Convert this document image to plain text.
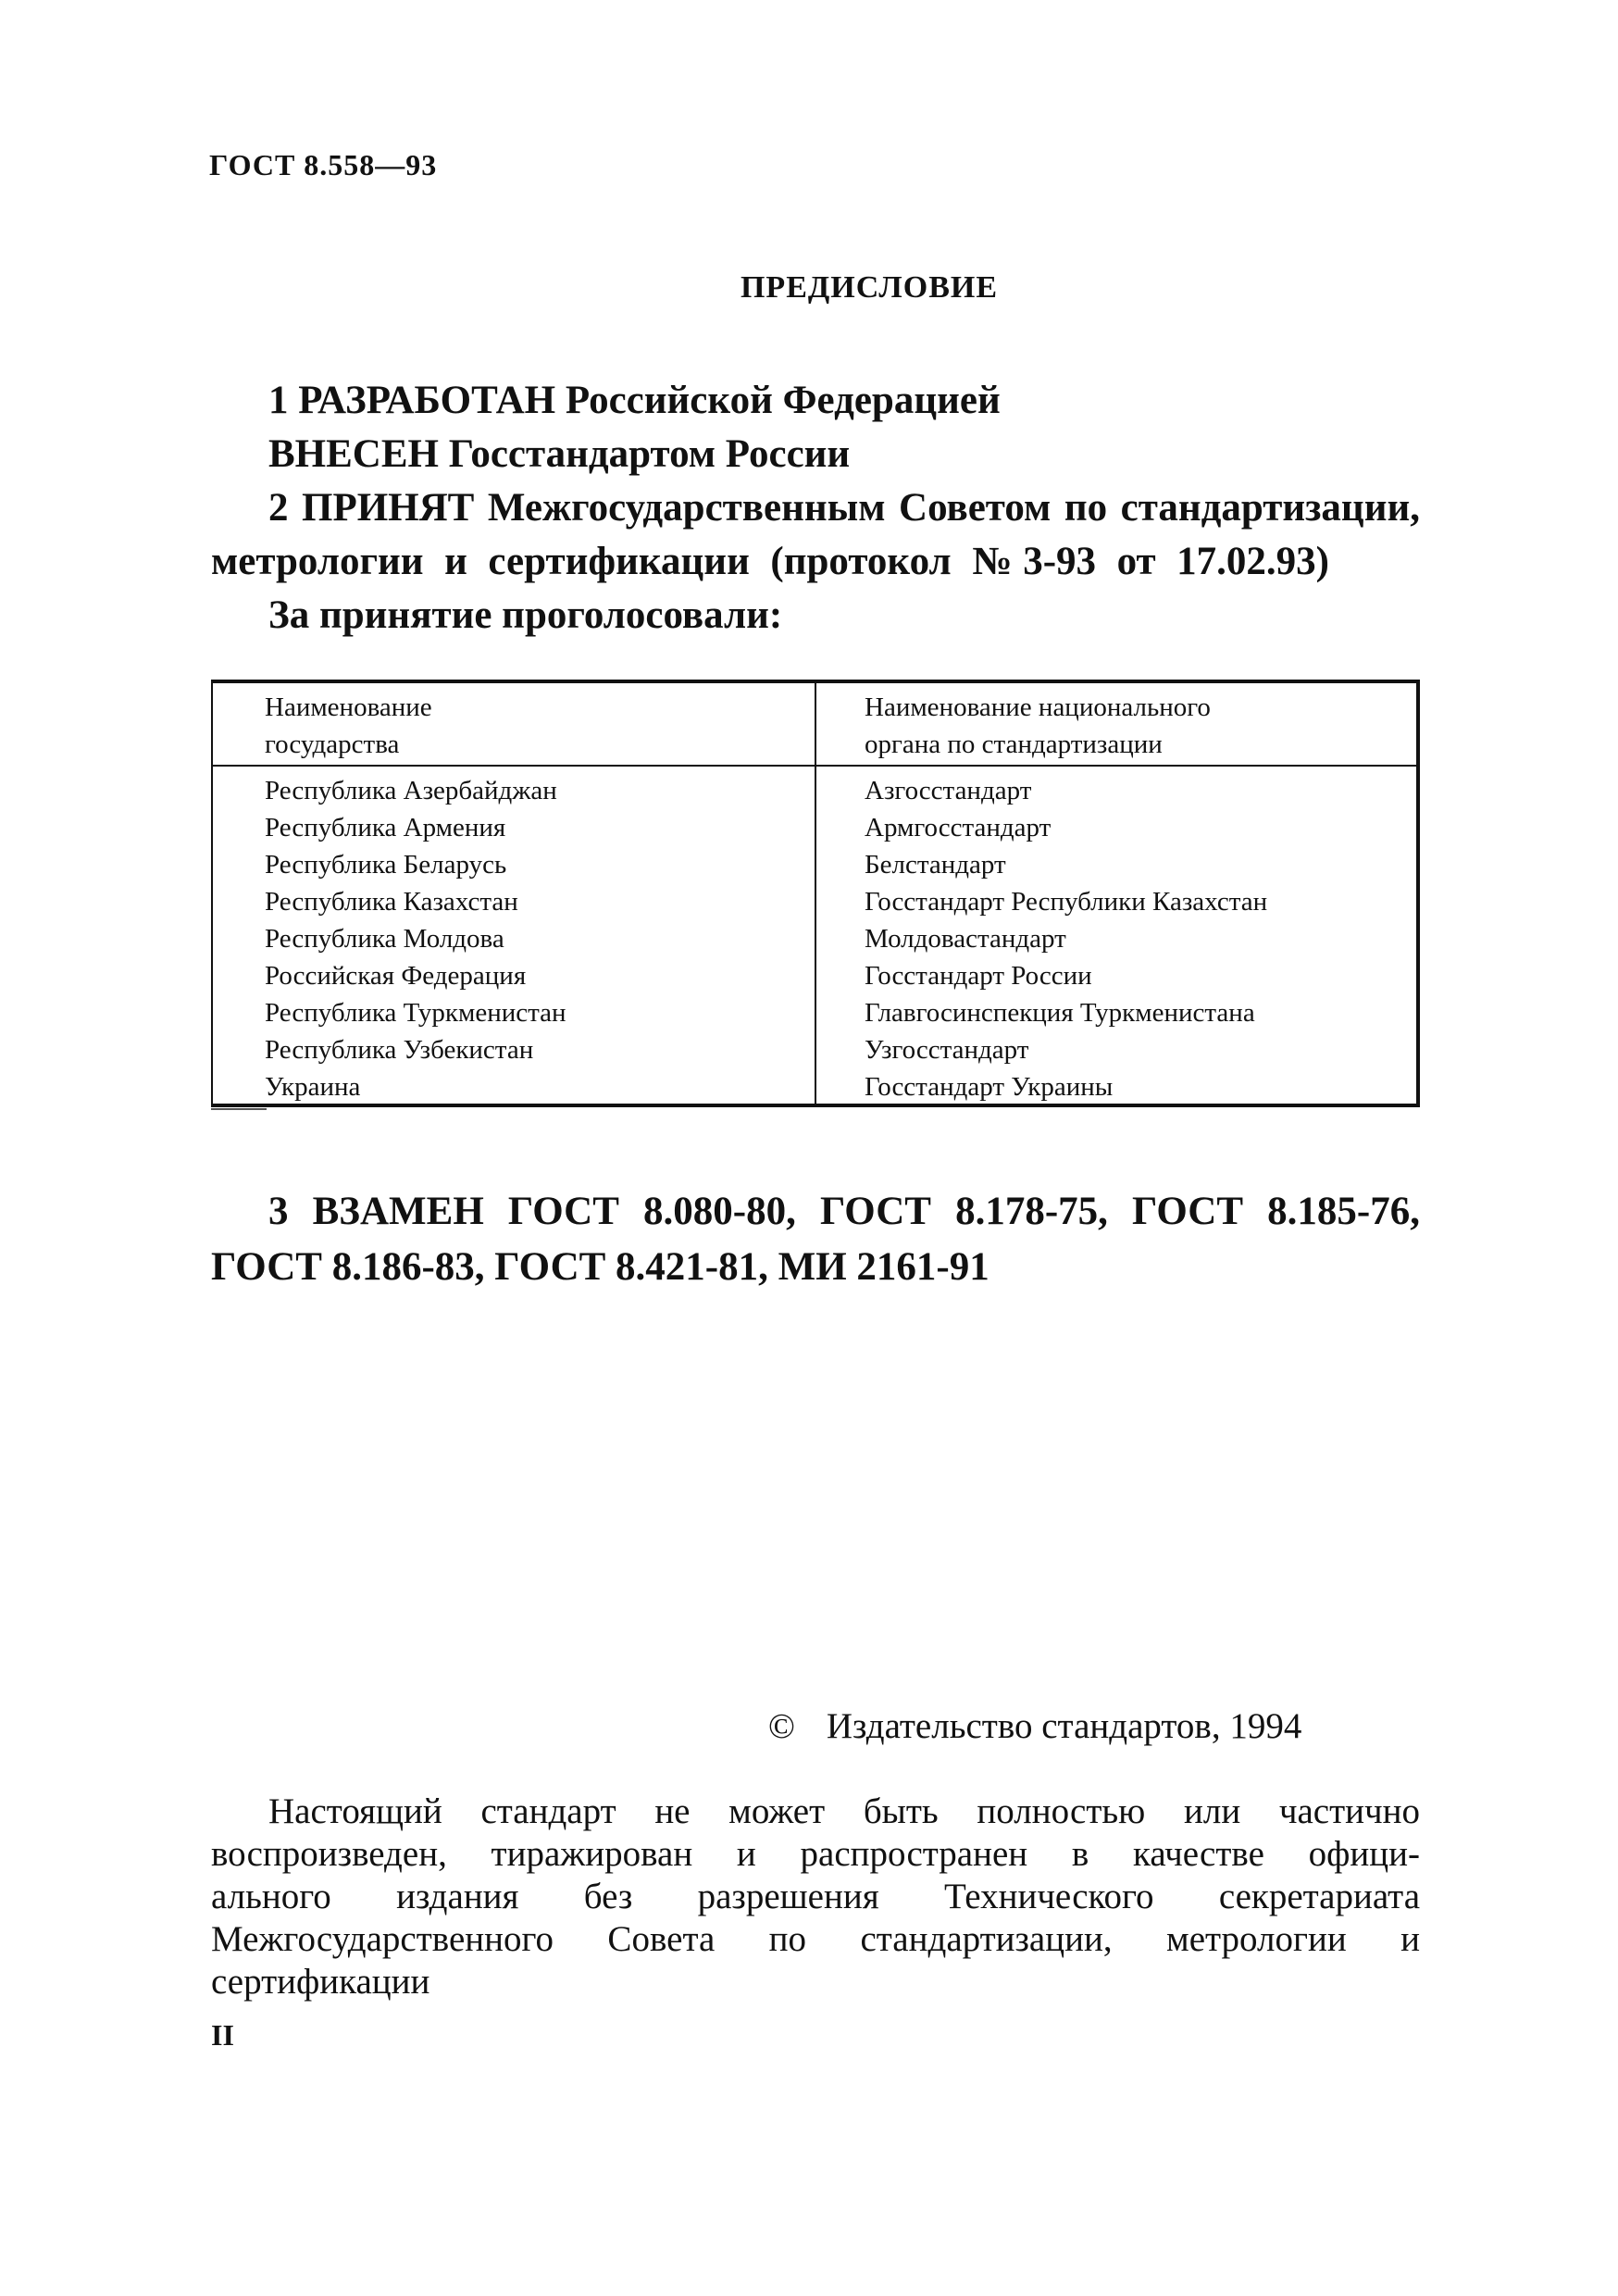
ГОСТ 8.558—93
ПРЕДИСЛОВИЕ
1 РАЗРАБОТАН Российской Федерацией
ВНЕСЕН Госстандартом России
2 ПРИНЯТ Межгосударственным Советом по стандартизации,
метрологии и сертификации (протокол №3-93 от 17.02.93)
За принятие проголосовали:
Наименование
государства
Наименование национального
органа по стандартизации
Республика Азербайджан
Республика Армения
Республика Беларусь
Республика Казахстан
Республика Молдова
Российская Федерация
Республика Туркменистан
Республика Узбекистан
Украина
Азгосстандарт
Армгосстандарт
Белстандарт
Госстандарт Республики Казахстан
Молдовастандарт
Госстандарт России
Главгосинспекция Туркменистана
Узгосстандарт
Госстандарт Украины
3 ВЗАМЕН ГОСТ 8.080-80, ГОСТ 8.178-75, ГОСТ 8.185-76,
ГОСТ 8.186-83, ГОСТ 8.421-81, МИ 2161-91
© Издательство стандартов, 1994
Настоящий стандарт не может быть полностью или частично
воспроизведен, тиражирован и распространен в качестве офици-
ального издания без разрешения Технического секретариата
Межгосударственного Совета по стандартизации, метрологии и
сертификации
II
